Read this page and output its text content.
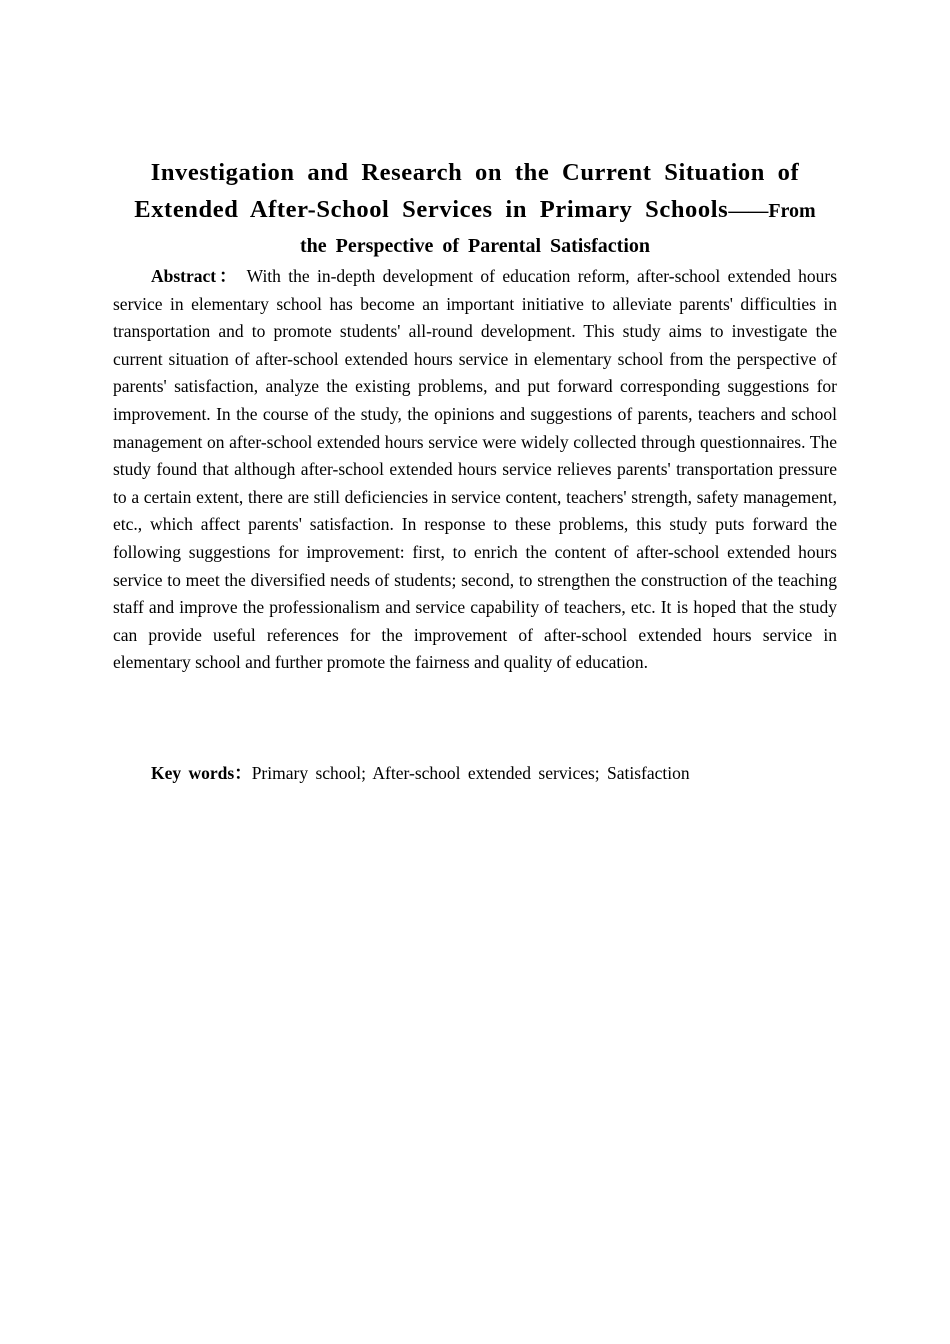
Investigation and Research on the Current Situation of
Extended After-School Services in Primary Schools——From
the Perspective of Parental Satisfaction

Abstract： With the in-depth development of education reform, after-school extended hours service in elementary school has become an important initiative to alleviate parents' difficulties in transportation and to promote students' all-round development. This study aims to investigate the current situation of after-school extended hours service in elementary school from the perspective of parents' satisfaction, analyze the existing problems, and put forward corresponding suggestions for improvement. In the course of the study, the opinions and suggestions of parents, teachers and school management on after-school extended hours service were widely collected through questionnaires. The study found that although after-school extended hours service relieves parents' transportation pressure to a certain extent, there are still deficiencies in service content, teachers' strength, safety management, etc., which affect parents' satisfaction. In response to these problems, this study puts forward the following suggestions for improvement: first, to enrich the content of after-school extended hours service to meet the diversified needs of students; second, to strengthen the construction of the teaching staff and improve the professionalism and service capability of teachers, etc. It is hoped that the study can provide useful references for the improvement of after-school extended hours service in elementary school and further promote the fairness and quality of education.

Key words：Primary school; After-school extended services; Satisfaction
